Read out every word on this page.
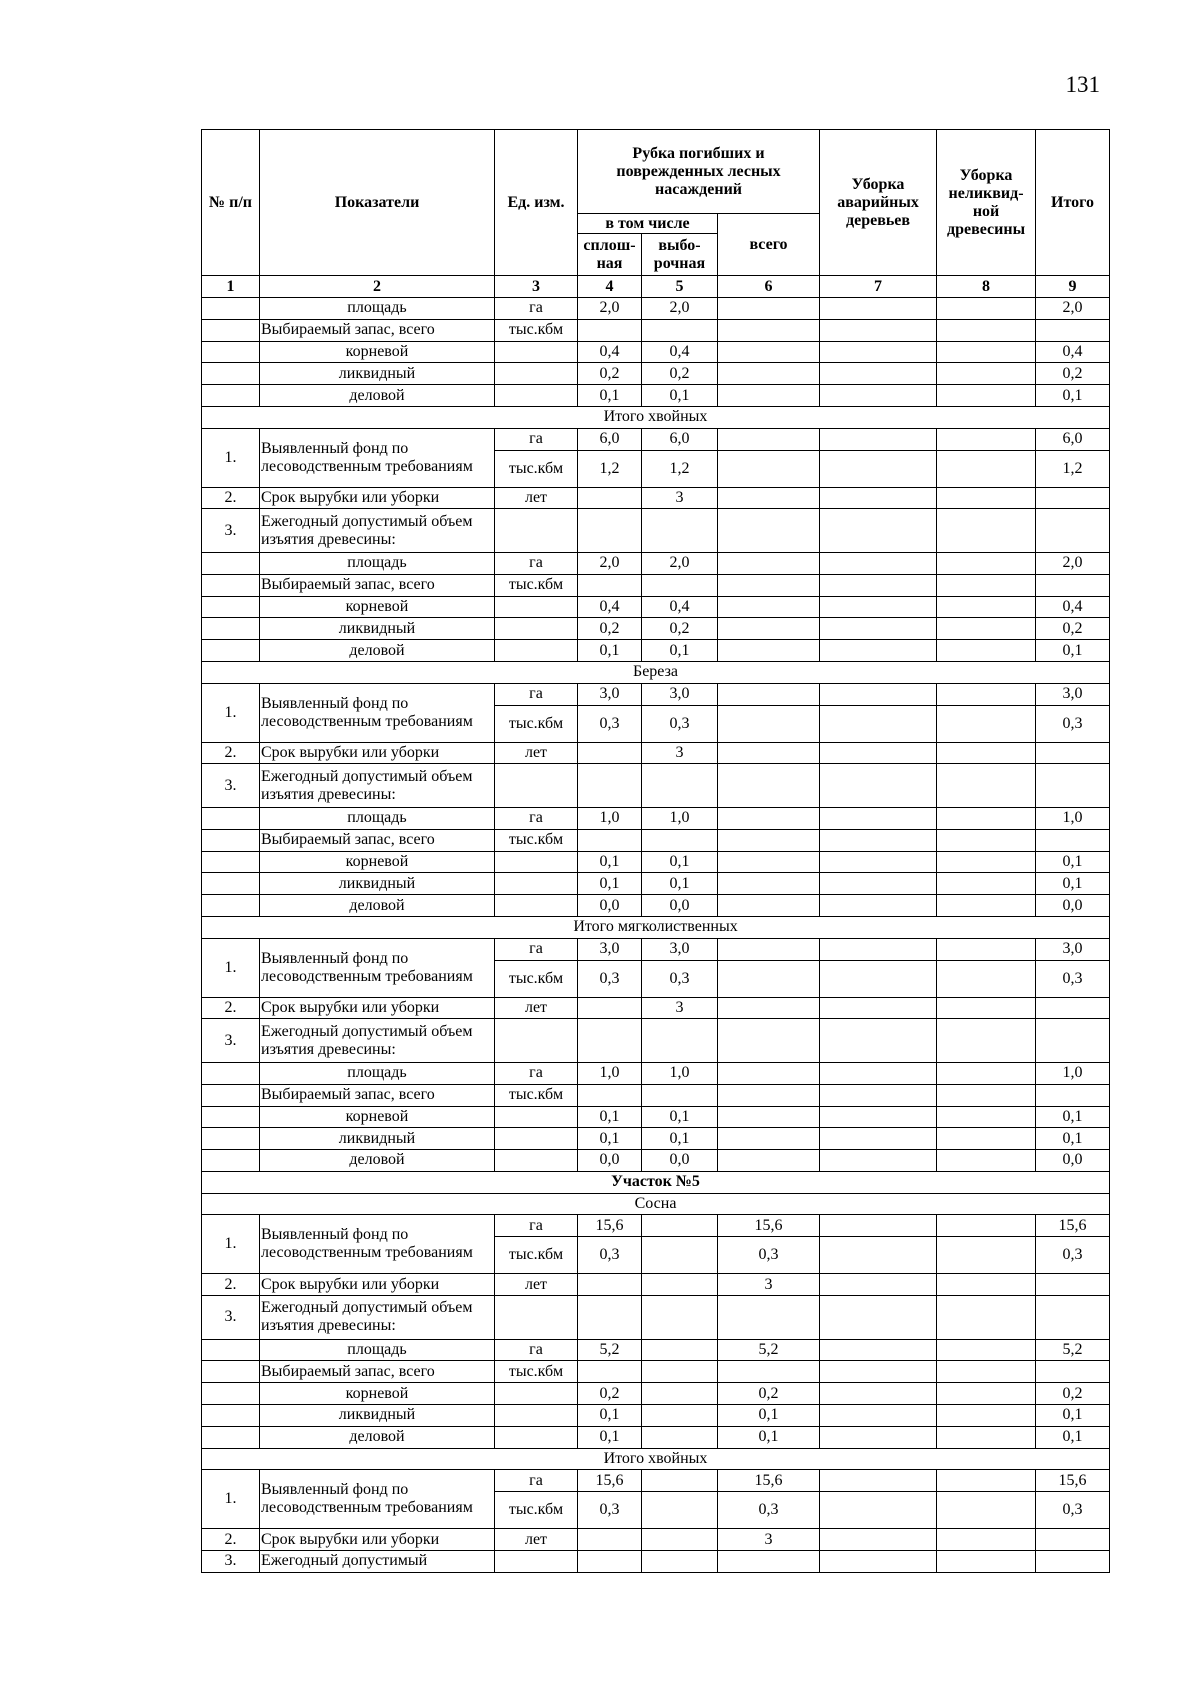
131
№ п/п	Показатели	Ед. изм.	Рубка погибших и поврежденных лесных насаждений			Уборка аварийных деревьев	Уборка неликвид-ной древесины	Итого
			в том числе		всего			
			сплош-ная	выбо-рочная				
1	2	3	4	5	6	7	8	9
	площадь	га	2,0	2,0				2,0
	Выбираемый запас, всего	тыс.кбм						
	корневой		0,4	0,4				0,4
	ликвидный		0,2	0,2				0,2
	деловой		0,1	0,1				0,1
Итого хвойных								
1.	Выявленный фонд по лесоводственным требованиям	га	6,0	6,0				6,0
		тыс.кбм	1,2	1,2				1,2
2.	Срок вырубки или уборки	лет		3				
3.	Ежегодный допустимый объем изъятия древесины:							
	площадь	га	2,0	2,0				2,0
	Выбираемый запас, всего	тыс.кбм						
	корневой		0,4	0,4				0,4
	ликвидный		0,2	0,2				0,2
	деловой		0,1	0,1				0,1
Береза								
1.	Выявленный фонд по лесоводственным требованиям	га	3,0	3,0				3,0
		тыс.кбм	0,3	0,3				0,3
2.	Срок вырубки или уборки	лет		3				
3.	Ежегодный допустимый объем изъятия древесины:							
	площадь	га	1,0	1,0				1,0
	Выбираемый запас, всего	тыс.кбм						
	корневой		0,1	0,1				0,1
	ликвидный		0,1	0,1				0,1
	деловой		0,0	0,0				0,0
Итого мягколиственных								
1.	Выявленный фонд по лесоводственным требованиям	га	3,0	3,0				3,0
		тыс.кбм	0,3	0,3				0,3
2.	Срок вырубки или уборки	лет		3				
3.	Ежегодный допустимый объем изъятия древесины:							
	площадь	га	1,0	1,0				1,0
	Выбираемый запас, всего	тыс.кбм						
	корневой		0,1	0,1				0,1
	ликвидный		0,1	0,1				0,1
	деловой		0,0	0,0				0,0
Участок №5								
Сосна								
1.	Выявленный фонд по лесоводственным требованиям	га	15,6		15,6			15,6
		тыс.кбм	0,3		0,3			0,3
2.	Срок вырубки или уборки	лет			3			
3.	Ежегодный допустимый объем изъятия древесины:							
	площадь	га	5,2		5,2			5,2
	Выбираемый запас, всего	тыс.кбм						
	корневой		0,2		0,2			0,2
	ликвидный		0,1		0,1			0,1
	деловой		0,1		0,1			0,1
Итого хвойных								
1.	Выявленный фонд по лесоводственным требованиям	га	15,6		15,6			15,6
		тыс.кбм	0,3		0,3			0,3
2.	Срок вырубки или уборки	лет			3			
3.	Ежегодный допустимый							
